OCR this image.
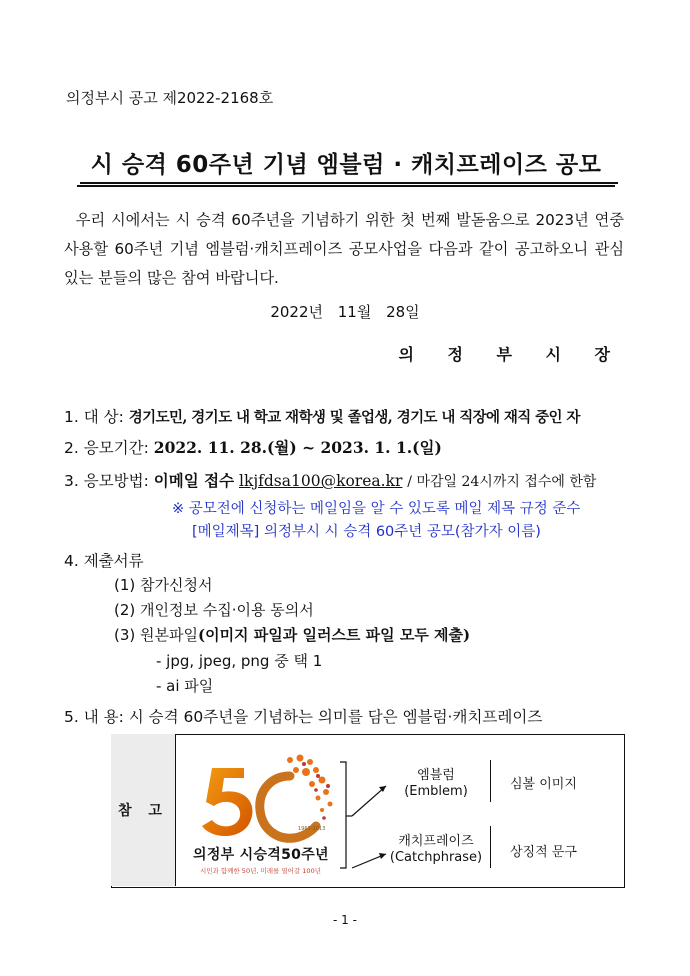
의정부시 공고 제2022-2168호
시 승격 60주년 기념 엠블럼 · 캐치프레이즈 공모
우리 시에서는 시 승격 60주년을 기념하기 위한 첫 번째 발돋움으로 2023년 연중 사용할 60주년 기념 엠블럼·캐치프레이즈 공모사업을 다음과 같이 공고하오니 관심 있는 분들의 많은 참여 바랍니다.
2022년 11월 28일
의 정 부 시 장
1. 대 상: 경기도민, 경기도 내 학교 재학생 및 졸업생, 경기도 내 직장에 재직 중인 자
2. 응모기간: 2022. 11. 28.(월) ~ 2023. 1. 1.(일)
3. 응모방법: 이메일 접수 lkjfdsa100@korea.kr / 마감일 24시까지 접수에 한함
※ 공모전에 신청하는 메일임을 알 수 있도록 메일 제목 규정 준수
[메일제목] 의정부시 시 승격 60주년 공모(참가자 이름)
4. 제출서류
(1) 참가신청서
(2) 개인정보 수집·이용 동의서
(3) 원본파일(이미지 파일과 일러스트 파일 모두 제출)
- jpg, jpeg, png 중 택 1
- ai 파일
5. 내 용: 시 승격 60주년을 기념하는 의미를 담은 엠블럼·캐치프레이즈
참 고
1963-2013
의정부 시승격50주년
시민과 함께한 50년, 미래를 열어갈 100년
엠블럼
(Emblem)	심볼 이미지
캐치프레이즈
(Catchphrase) 상징적 문구
- 1 -
